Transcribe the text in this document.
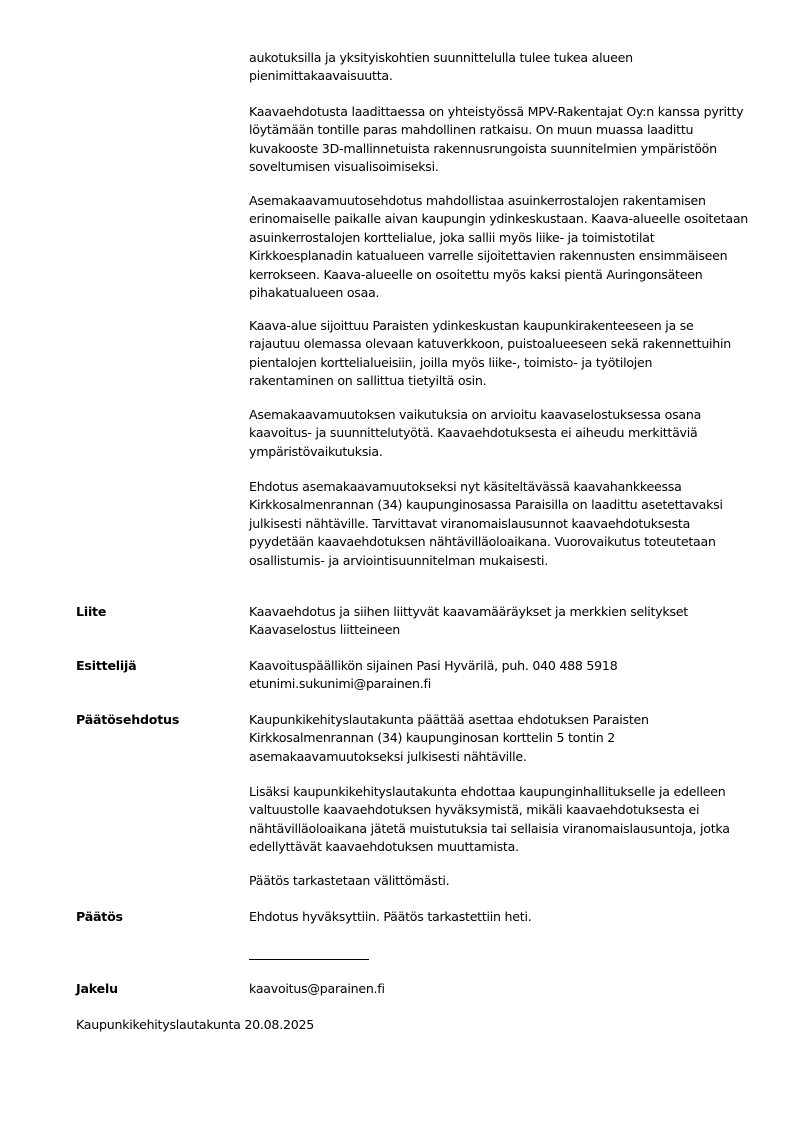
aukotuksilla ja yksityiskohtien suunnittelulla tulee tukea alueen
pienimittakaavaisuutta.

Kaavaehdotusta laadittaessa on yhteistyössä MPV-Rakentajat Oy:n kanssa pyritty
löytämään tontille paras mahdollinen ratkaisu. On muun muassa laadittu
kuvakooste 3D-mallinnetuista rakennusrungoista suunnitelmien ympäristöön
soveltumisen visualisoimiseksi.

Asemakaavamuutosehdotus mahdollistaa asuinkerrostalojen rakentamisen
erinomaiselle paikalle aivan kaupungin ydinkeskustaan. Kaava-alueelle osoitetaan
asuinkerrostalojen korttelialue, joka sallii myös liike- ja toimistotilat
Kirkkoesplanadin katualueen varrelle sijoitettavien rakennusten ensimmäiseen
kerrokseen. Kaava-alueelle on osoitettu myös kaksi pientä Auringonsäteen
pihakatualueen osaa.

Kaava-alue sijoittuu Paraisten ydinkeskustan kaupunkirakenteeseen ja se
rajautuu olemassa olevaan katuverkkoon, puistoalueeseen sekä rakennettuihin
pientalojen korttelialueisiin, joilla myös liike-, toimisto- ja työtilojen
rakentaminen on sallittua tietyiltä osin.

Asemakaavamuutoksen vaikutuksia on arvioitu kaavaselostuksessa osana
kaavoitus- ja suunnittelutyötä. Kaavaehdotuksesta ei aiheudu merkittäviä
ympäristövaikutuksia.

Ehdotus asemakaavamuutokseksi nyt käsiteltävässä kaavahankkeessa
Kirkkosalmenrannan (34) kaupunginosassa Paraisilla on laadittu asetettavaksi
julkisesti nähtäville. Tarvittavat viranomaislausunnot kaavaehdotuksesta
pyydetään kaavaehdotuksen nähtävilläoloaikana. Vuorovaikutus toteutetaan
osallistumis- ja arviointisuunnitelman mukaisesti.

Liite	Kaavaehdotus ja siihen liittyvät kaavamääräykset ja merkkien selitykset
Kaavaselostus liitteineen

Esittelijä	Kaavoituspäällikön sijainen Pasi Hyvärilä, puh. 040 488 5918
etunimi.sukunimi@parainen.fi

Päätösehdotus	Kaupunkikehityslautakunta päättää asettaa ehdotuksen Paraisten
Kirkkosalmenrannan (34) kaupunginosan korttelin 5 tontin 2
asemakaavamuutokseksi julkisesti nähtäville.

Lisäksi kaupunkikehityslautakunta ehdottaa kaupunginhallitukselle ja edelleen
valtuustolle kaavaehdotuksen hyväksymistä, mikäli kaavaehdotuksesta ei
nähtävilläoloaikana jätetä muistutuksia tai sellaisia viranomaislausuntoja, jotka
edellyttävät kaavaehdotuksen muuttamista.

Päätös tarkastetaan välittömästi.

Päätös	Ehdotus hyväksyttiin. Päätös tarkastettiin heti.

Jakelu	kaavoitus@parainen.fi

Kaupunkikehityslautakunta 20.08.2025
